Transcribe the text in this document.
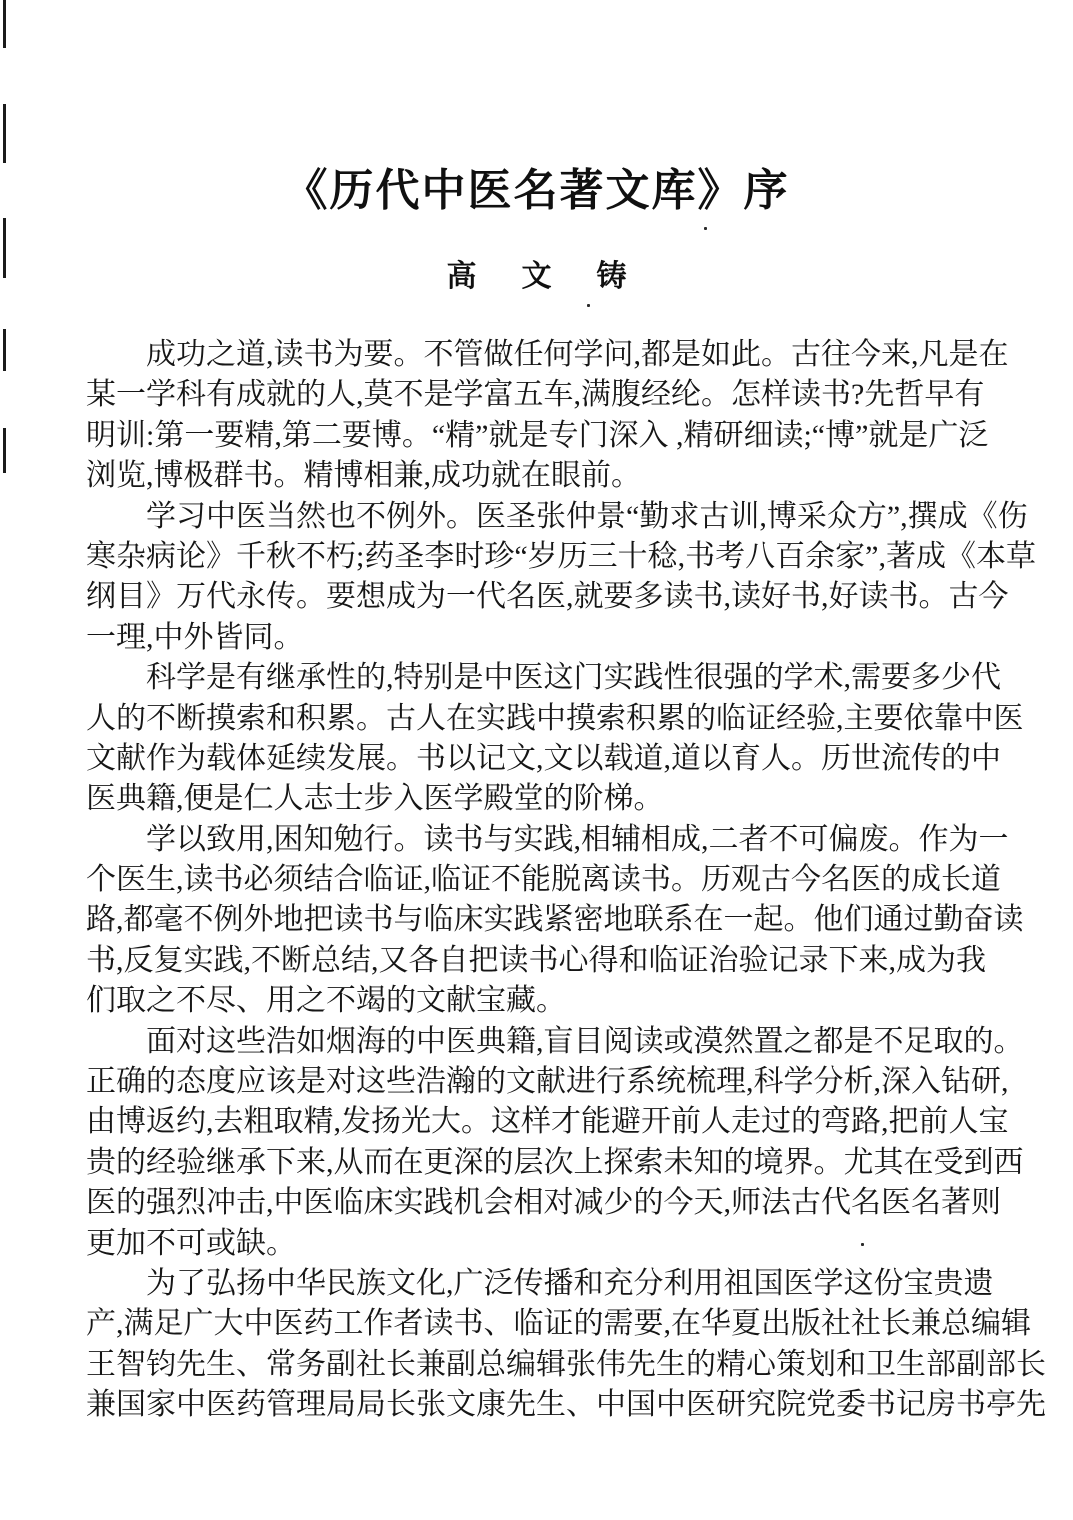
《历代中医名著文库》序
高　文　铸
成功之道,读书为要。不管做任何学问,都是如此。古往今来,凡是在
某一学科有成就的人,莫不是学富五车,满腹经纶。怎样读书?先哲早有
明训:第一要精,第二要博。“精”就是专门深入 ,精研细读;“博”就是广泛
浏览,博极群书。精博相兼,成功就在眼前。
学习中医当然也不例外。医圣张仲景“勤求古训,博采众方”,撰成《伤
寒杂病论》千秋不朽;药圣李时珍“岁历三十稔,书考八百余家”,著成《本草
纲目》万代永传。要想成为一代名医,就要多读书,读好书,好读书。古今
一理,中外皆同。
科学是有继承性的,特别是中医这门实践性很强的学术,需要多少代
人的不断摸索和积累。古人在实践中摸索积累的临证经验,主要依靠中医
文献作为载体延续发展。书以记文,文以载道,道以育人。历世流传的中
医典籍,便是仁人志士步入医学殿堂的阶梯。
学以致用,困知勉行。读书与实践,相辅相成,二者不可偏废。作为一
个医生,读书必须结合临证,临证不能脱离读书。历观古今名医的成长道
路,都毫不例外地把读书与临床实践紧密地联系在一起。他们通过勤奋读
书,反复实践,不断总结,又各自把读书心得和临证治验记录下来,成为我
们取之不尽、用之不竭的文献宝藏。
面对这些浩如烟海的中医典籍,盲目阅读或漠然置之都是不足取的。
正确的态度应该是对这些浩瀚的文献进行系统梳理,科学分析,深入钻研,
由博返约,去粗取精,发扬光大。这样才能避开前人走过的弯路,把前人宝
贵的经验继承下来,从而在更深的层次上探索未知的境界。尤其在受到西
医的强烈冲击,中医临床实践机会相对减少的今天,师法古代名医名著则
更加不可或缺。
为了弘扬中华民族文化,广泛传播和充分利用祖国医学这份宝贵遗
产,满足广大中医药工作者读书、临证的需要,在华夏出版社社长兼总编辑
王智钧先生、常务副社长兼副总编辑张伟先生的精心策划和卫生部副部长
兼国家中医药管理局局长张文康先生、中国中医研究院党委书记房书亭先
